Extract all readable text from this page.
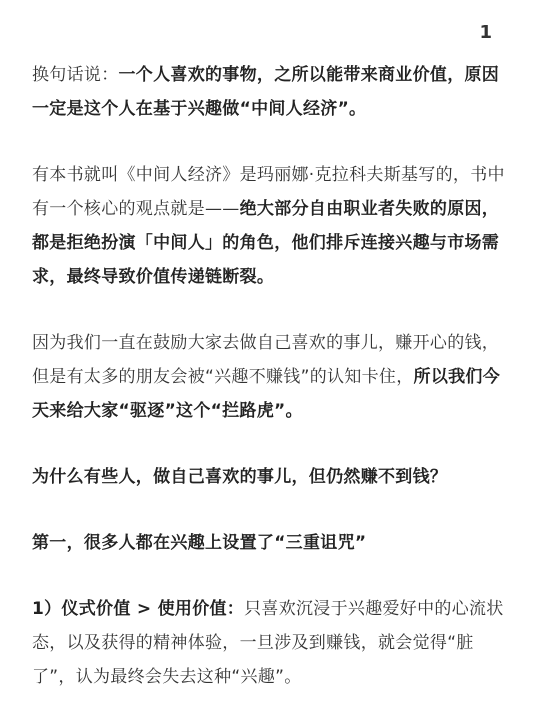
1

换句话说：一个人喜欢的事物，之所以能带来商业价值，原因一定是这个人在基于兴趣做“中间人经济”。

有本书就叫《中间人经济》是玛丽娜·克拉科夫斯基写的，书中有一个核心的观点就是——绝大部分自由职业者失败的原因，都是拒绝扮演「中间人」的角色，他们排斥连接兴趣与市场需求，最终导致价值传递链断裂。

因为我们一直在鼓励大家去做自己喜欢的事儿，赚开心的钱，但是有太多的朋友会被“兴趣不赚钱”的认知卡住，所以我们今天来给大家“驱逐”这个“拦路虎”。

为什么有些人，做自己喜欢的事儿，但仍然赚不到钱？

第一，很多人都在兴趣上设置了“三重诅咒”

1）仪式价值 > 使用价值：只喜欢沉浸于兴趣爱好中的心流状态，以及获得的精神体验，一旦涉及到赚钱，就会觉得“脏了”，认为最终会失去这种“兴趣”。
